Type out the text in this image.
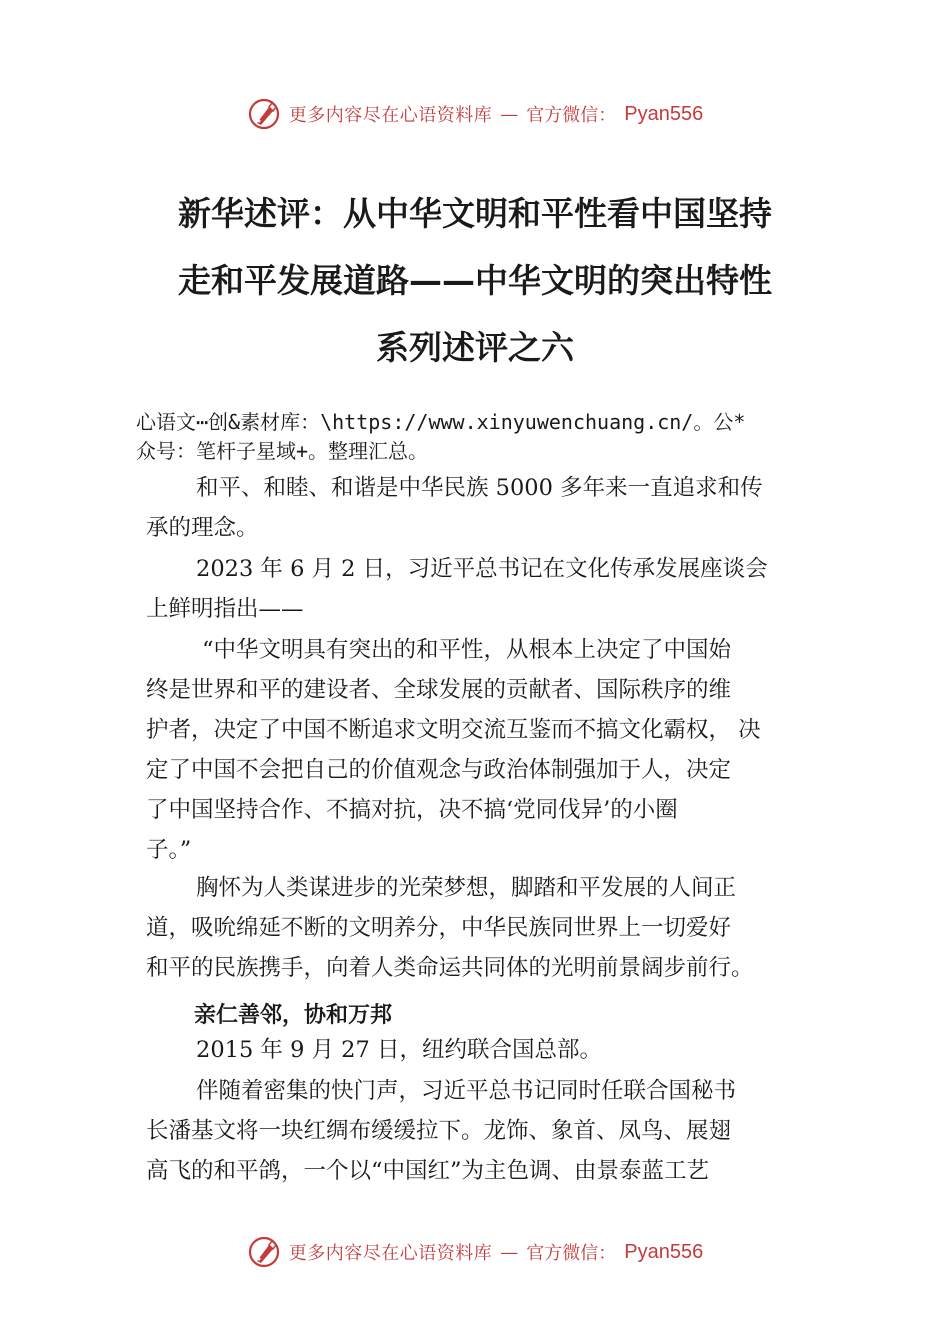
更多内容尽在心语资料库 — 官方微信： Pyan556
新华述评：从中华文明和平性看中国坚持
走和平发展道路——中华文明的突出特性
系列述评之六
心语文⋯创&素材库：\https://www.xinyuwenchuang.cn/。公*
众号：笔杆子星域+。整理汇总。
和平、和睦、和谐是中华民族 5000 多年来一直追求和传
承的理念。
2023 年 6 月 2 日，习近平总书记在文化传承发展座谈会
上鲜明指出——
“中华文明具有突出的和平性，从根本上决定了中国始
终是世界和平的建设者、全球发展的贡献者、国际秩序的维
护者，决定了中国不断追求文明交流互鉴而不搞文化霸权， 决
定了中国不会把自己的价值观念与政治体制强加于人，决定
了中国坚持合作、不搞对抗，决不搞‘党同伐异’的小圈
子。”
胸怀为人类谋进步的光荣梦想，脚踏和平发展的人间正
道，吸吮绵延不断的文明养分，中华民族同世界上一切爱好
和平的民族携手，向着人类命运共同体的光明前景阔步前行。
亲仁善邻，协和万邦
2015 年 9 月 27 日，纽约联合国总部。
伴随着密集的快门声，习近平总书记同时任联合国秘书
长潘基文将一块红绸布缓缓拉下。龙饰、象首、凤鸟、展翅
高飞的和平鸽，一个以“中国红”为主色调、由景泰蓝工艺
更多内容尽在心语资料库 — 官方微信： Pyan556
